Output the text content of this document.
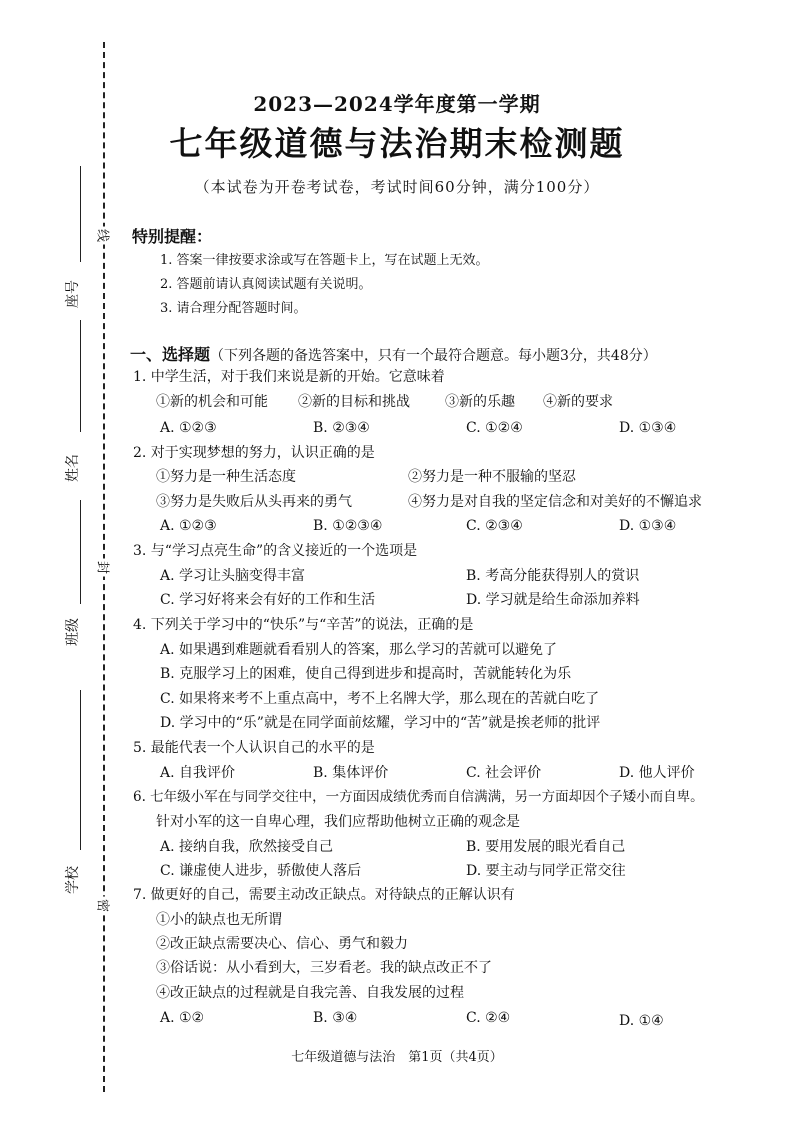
线
封
密
座号
姓名
班级
学校
2023—2024学年度第一学期
七年级道德与法治期末检测题
（本试卷为开卷考试卷，考试时间60分钟，满分100分）
特别提醒：
1. 答案一律按要求涂或写在答题卡上，写在试题上无效。
2. 答题前请认真阅读试题有关说明。
3. 请合理分配答题时间。
一、选择题（下列各题的备选答案中，只有一个最符合题意。每小题3分，共48分）
1. 中学生活，对于我们来说是新的开始。它意味着
①新的机会和可能 ②新的目标和挑战	③新的乐趣 ④新的要求
A. ①②③	B. ②③④	C. ①②④	D. ①③④
2. 对于实现梦想的努力，认识正确的是
①努力是一种生活态度	②努力是一种不服输的坚忍
③努力是失败后从头再来的勇气	④努力是对自我的坚定信念和对美好的不懈追求
A. ①②③	B. ①②③④	C. ②③④	D. ①③④
3. 与“学习点亮生命”的含义接近的一个选项是
A. 学习让头脑变得丰富	B. 考高分能获得别人的赏识
C. 学习好将来会有好的工作和生活	D. 学习就是给生命添加养料
4. 下列关于学习中的“快乐”与“辛苦”的说法，正确的是
A. 如果遇到难题就看看别人的答案，那么学习的苦就可以避免了
B. 克服学习上的困难，使自己得到进步和提高时，苦就能转化为乐
C. 如果将来考不上重点高中，考不上名牌大学，那么现在的苦就白吃了
D. 学习中的“乐”就是在同学面前炫耀，学习中的“苦”就是挨老师的批评
5. 最能代表一个人认识自己的水平的是
A. 自我评价	B. 集体评价	C. 社会评价	D. 他人评价
6. 七年级小军在与同学交往中，一方面因成绩优秀而自信满满，另一方面却因个子矮小而自卑。
针对小军的这一自卑心理，我们应帮助他树立正确的观念是
A. 接纳自我，欣然接受自己	B. 要用发展的眼光看自己
C. 谦虚使人进步，骄傲使人落后	D. 要主动与同学正常交往
7. 做更好的自己，需要主动改正缺点。对待缺点的正解认识有
①小的缺点也无所谓
②改正缺点需要决心、信心、勇气和毅力
③俗话说：从小看到大，三岁看老。我的缺点改正不了
④改正缺点的过程就是自我完善、自我发展的过程
A. ①②	B. ③④	C. ②④	D. ①④
七年级道德与法治　第1页（共4页）
